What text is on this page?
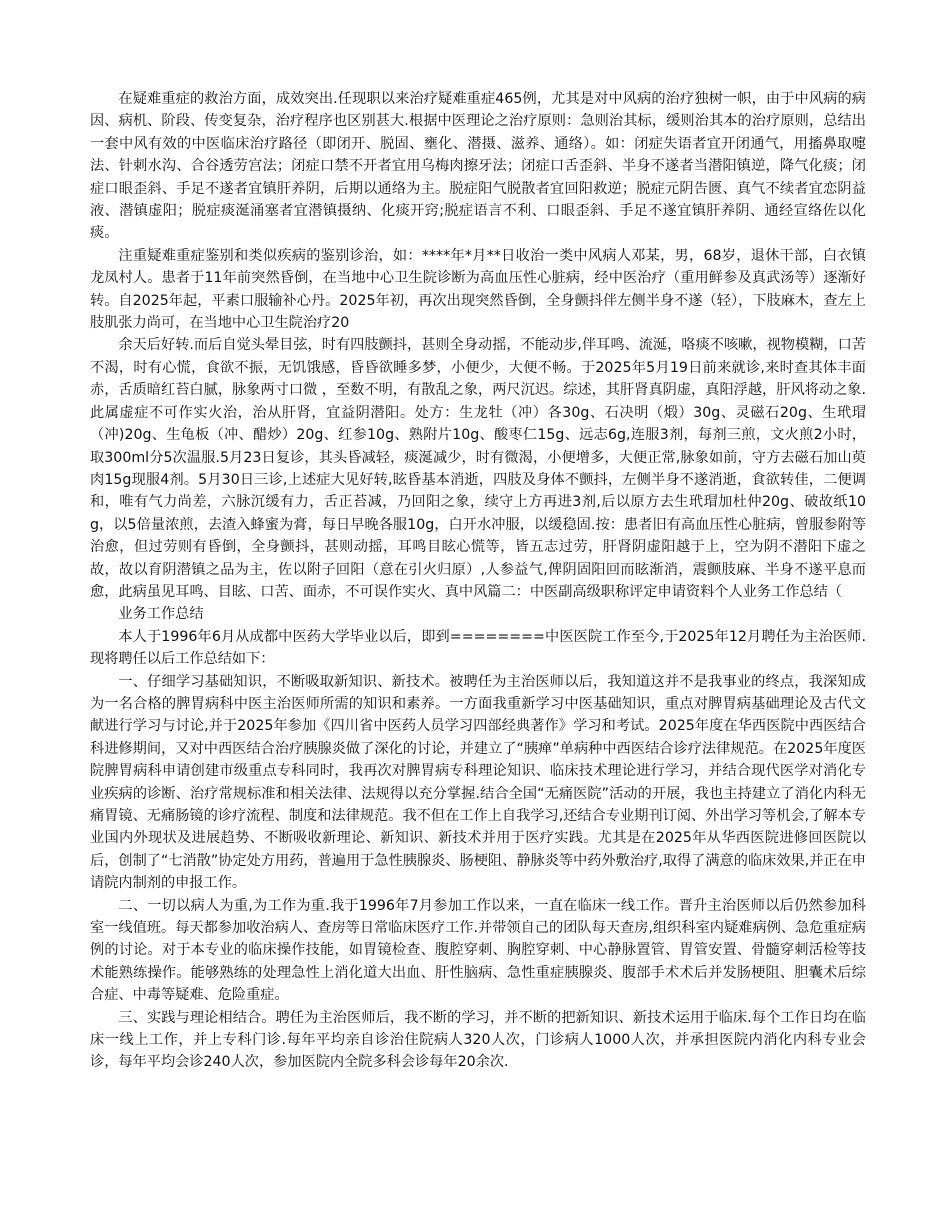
在疑难重症的救治方面，成效突出.任现职以来治疗疑难重症465例，尤其是对中风病的治疗独树一帜，由于中风病的病因、病机、阶段、传变复杂，治疗程序也区别甚大.根据中医理论之治疗原则：急则治其标，缓则治其本的治疗原则，总结出一套中风有效的中医临床治疗路径（即闭开、脱固、壅化、潜摄、滋养、通络）。如：闭症失语者宜开闭通气，用搐鼻取嚏法、针刺水沟、合谷透劳宫法；闭症口禁不开者宜用乌梅肉擦牙法；闭症口舌歪斜、半身不遂者当潜阳镇逆，降气化痰；闭症口眼歪斜、手足不遂者宜镇肝养阴，后期以通络为主。脱症阳气脱散者宜回阳救逆；脱症元阴告匮、真气不续者宜恋阴益液、潜镇虚阳；脱症痰涎涌塞者宜潜镇摄纳、化痰开窍;脱症语言不利、口眼歪斜、手足不遂宜镇肝养阴、通经宣络佐以化痰。

注重疑难重症鉴别和类似疾病的鉴别诊治，如：****年*月**日收治一类中风病人邓某，男，68岁，退休干部，白衣镇龙凤村人。患者于11年前突然昏倒，在当地中心卫生院诊断为高血压性心脏病，经中医治疗（重用鲜参及真武汤等）逐渐好转。自2025年起，平素口服输补心丹。2025年初，再次出现突然昏倒，全身颤抖伴左侧半身不遂（轻），下肢麻木，查左上肢肌张力尚可，在当地中心卫生院治疗20

余天后好转.而后自觉头晕目弦，时有四肢颤抖，甚则全身动摇，不能动步,伴耳鸣、流涎，咯痰不咳嗽，视物模糊，口苦不渴，时有心慌，食欲不振，无饥饿感，昏昏欲睡多梦，小便少，大便不畅。于2025年5月19日前来就诊,来时查其体丰面赤，舌质暗红苔白腻，脉象两寸口微 ，至数不明，有散乱之象，两尺沉迟。综述，其肝肾真阴虚，真阳浮越，肝风将动之象.此属虚症不可作实火治，治从肝肾，宜益阴潜阳。处方：生龙牡（冲）各30g、石决明（煅）30g、灵磁石20g、生玳瑁（冲)20g、生龟板（冲、醋炒）20g、红参10g、熟附片10g、酸枣仁15g、远志6g,连服3剂，每剂三煎，文火煎2小时，取300ml分5次温服.5月23日复诊，其头昏减轻，痰涎减少，时有微渴，小便增多，大便正常,脉象如前，守方去磁石加山萸肉15g现服4剂。5月30日三诊,上述症大见好转,眩昏基本消逝，四肢及身体不颤抖，左侧半身不遂消逝，食欲转佳，二便调和，唯有气力尚差，六脉沉缓有力，舌正苔减，乃回阳之象，续守上方再进3剂,后以原方去生玳瑁加杜仲20g、破故纸10g，以5倍量浓煎，去渣入蜂蜜为膏，每日早晚各服10g，白开水冲服，以缓稳固.按：患者旧有高血压性心脏病，曾服参附等治愈，但过劳则有昏倒，全身颤抖，甚则动摇，耳鸣目眩心慌等，皆五志过劳，肝肾阴虚阳越于上，空为阴不潜阳下虚之故，故以育阴潜镇之品为主，佐以附子回阳（意在引火归原）,人参益气,俾阴固阳回而眩渐消，震颤肢麻、半身不遂平息而愈，此病虽见耳鸣、目眩、口苦、面赤，不可误作实火、真中风篇二：中医副高级职称评定申请资料个人业务工作总结（

业务工作总结

本人于1996年6月从成都中医药大学毕业以后，即到========中医医院工作至今,于2025年12月聘任为主治医师.现将聘任以后工作总结如下：

一、仔细学习基础知识，不断吸取新知识、新技术。被聘任为主治医师以后，我知道这并不是我事业的终点，我深知成为一名合格的脾胃病科中医主治医师所需的知识和素养。一方面我重新学习中医基础知识，重点对脾胃病基础理论及古代文献进行学习与讨论,并于2025年参加《四川省中医药人员学习四部经典著作》学习和考试。2025年度在华西医院中西医结合科进修期间，又对中西医结合治疗胰腺炎做了深化的讨论，并建立了“胰瘅”单病种中西医结合诊疗法律规范。在2025年度医院脾胃病科申请创建市级重点专科同时，我再次对脾胃病专科理论知识、临床技术理论进行学习，并结合现代医学对消化专业疾病的诊断、治疗常规标准和相关法律、法规得以充分掌握.结合全国“无痛医院”活动的开展，我也主持建立了消化内科无痛胃镜、无痛肠镜的诊疗流程、制度和法律规范。我不但在工作上自我学习,还结合专业期刊订阅、外出学习等机会,了解本专业国内外现状及进展趋势、不断吸收新理论、新知识、新技术并用于医疗实践。尤其是在2025年从华西医院进修回医院以后，创制了“七消散”协定处方用药，普遍用于急性胰腺炎、肠梗阻、静脉炎等中药外敷治疗,取得了满意的临床效果,并正在申请院内制剂的申报工作。

二、一切以病人为重,为工作为重.我于1996年7月参加工作以来，一直在临床一线工作。晋升主治医师以后仍然参加科室一线值班。每天都参加收治病人、查房等日常临床医疗工作.并带领自己的团队每天查房,组织科室内疑难病例、急危重症病例的讨论。对于本专业的临床操作技能，如胃镜检查、腹腔穿刺、胸腔穿刺、中心静脉置管、胃管安置、骨髓穿刺活检等技术能熟练操作。能够熟练的处理急性上消化道大出血、肝性脑病、急性重症胰腺炎、腹部手术术后并发肠梗阻、胆囊术后综合症、中毒等疑难、危险重症。

三、实践与理论相结合。聘任为主治医师后，我不断的学习，并不断的把新知识、新技术运用于临床.每个工作日均在临床一线上工作，并上专科门诊.每年平均亲自诊治住院病人320人次，门诊病人1000人次，并承担医院内消化内科专业会诊，每年平均会诊240人次，参加医院内全院多科会诊每年20余次.
